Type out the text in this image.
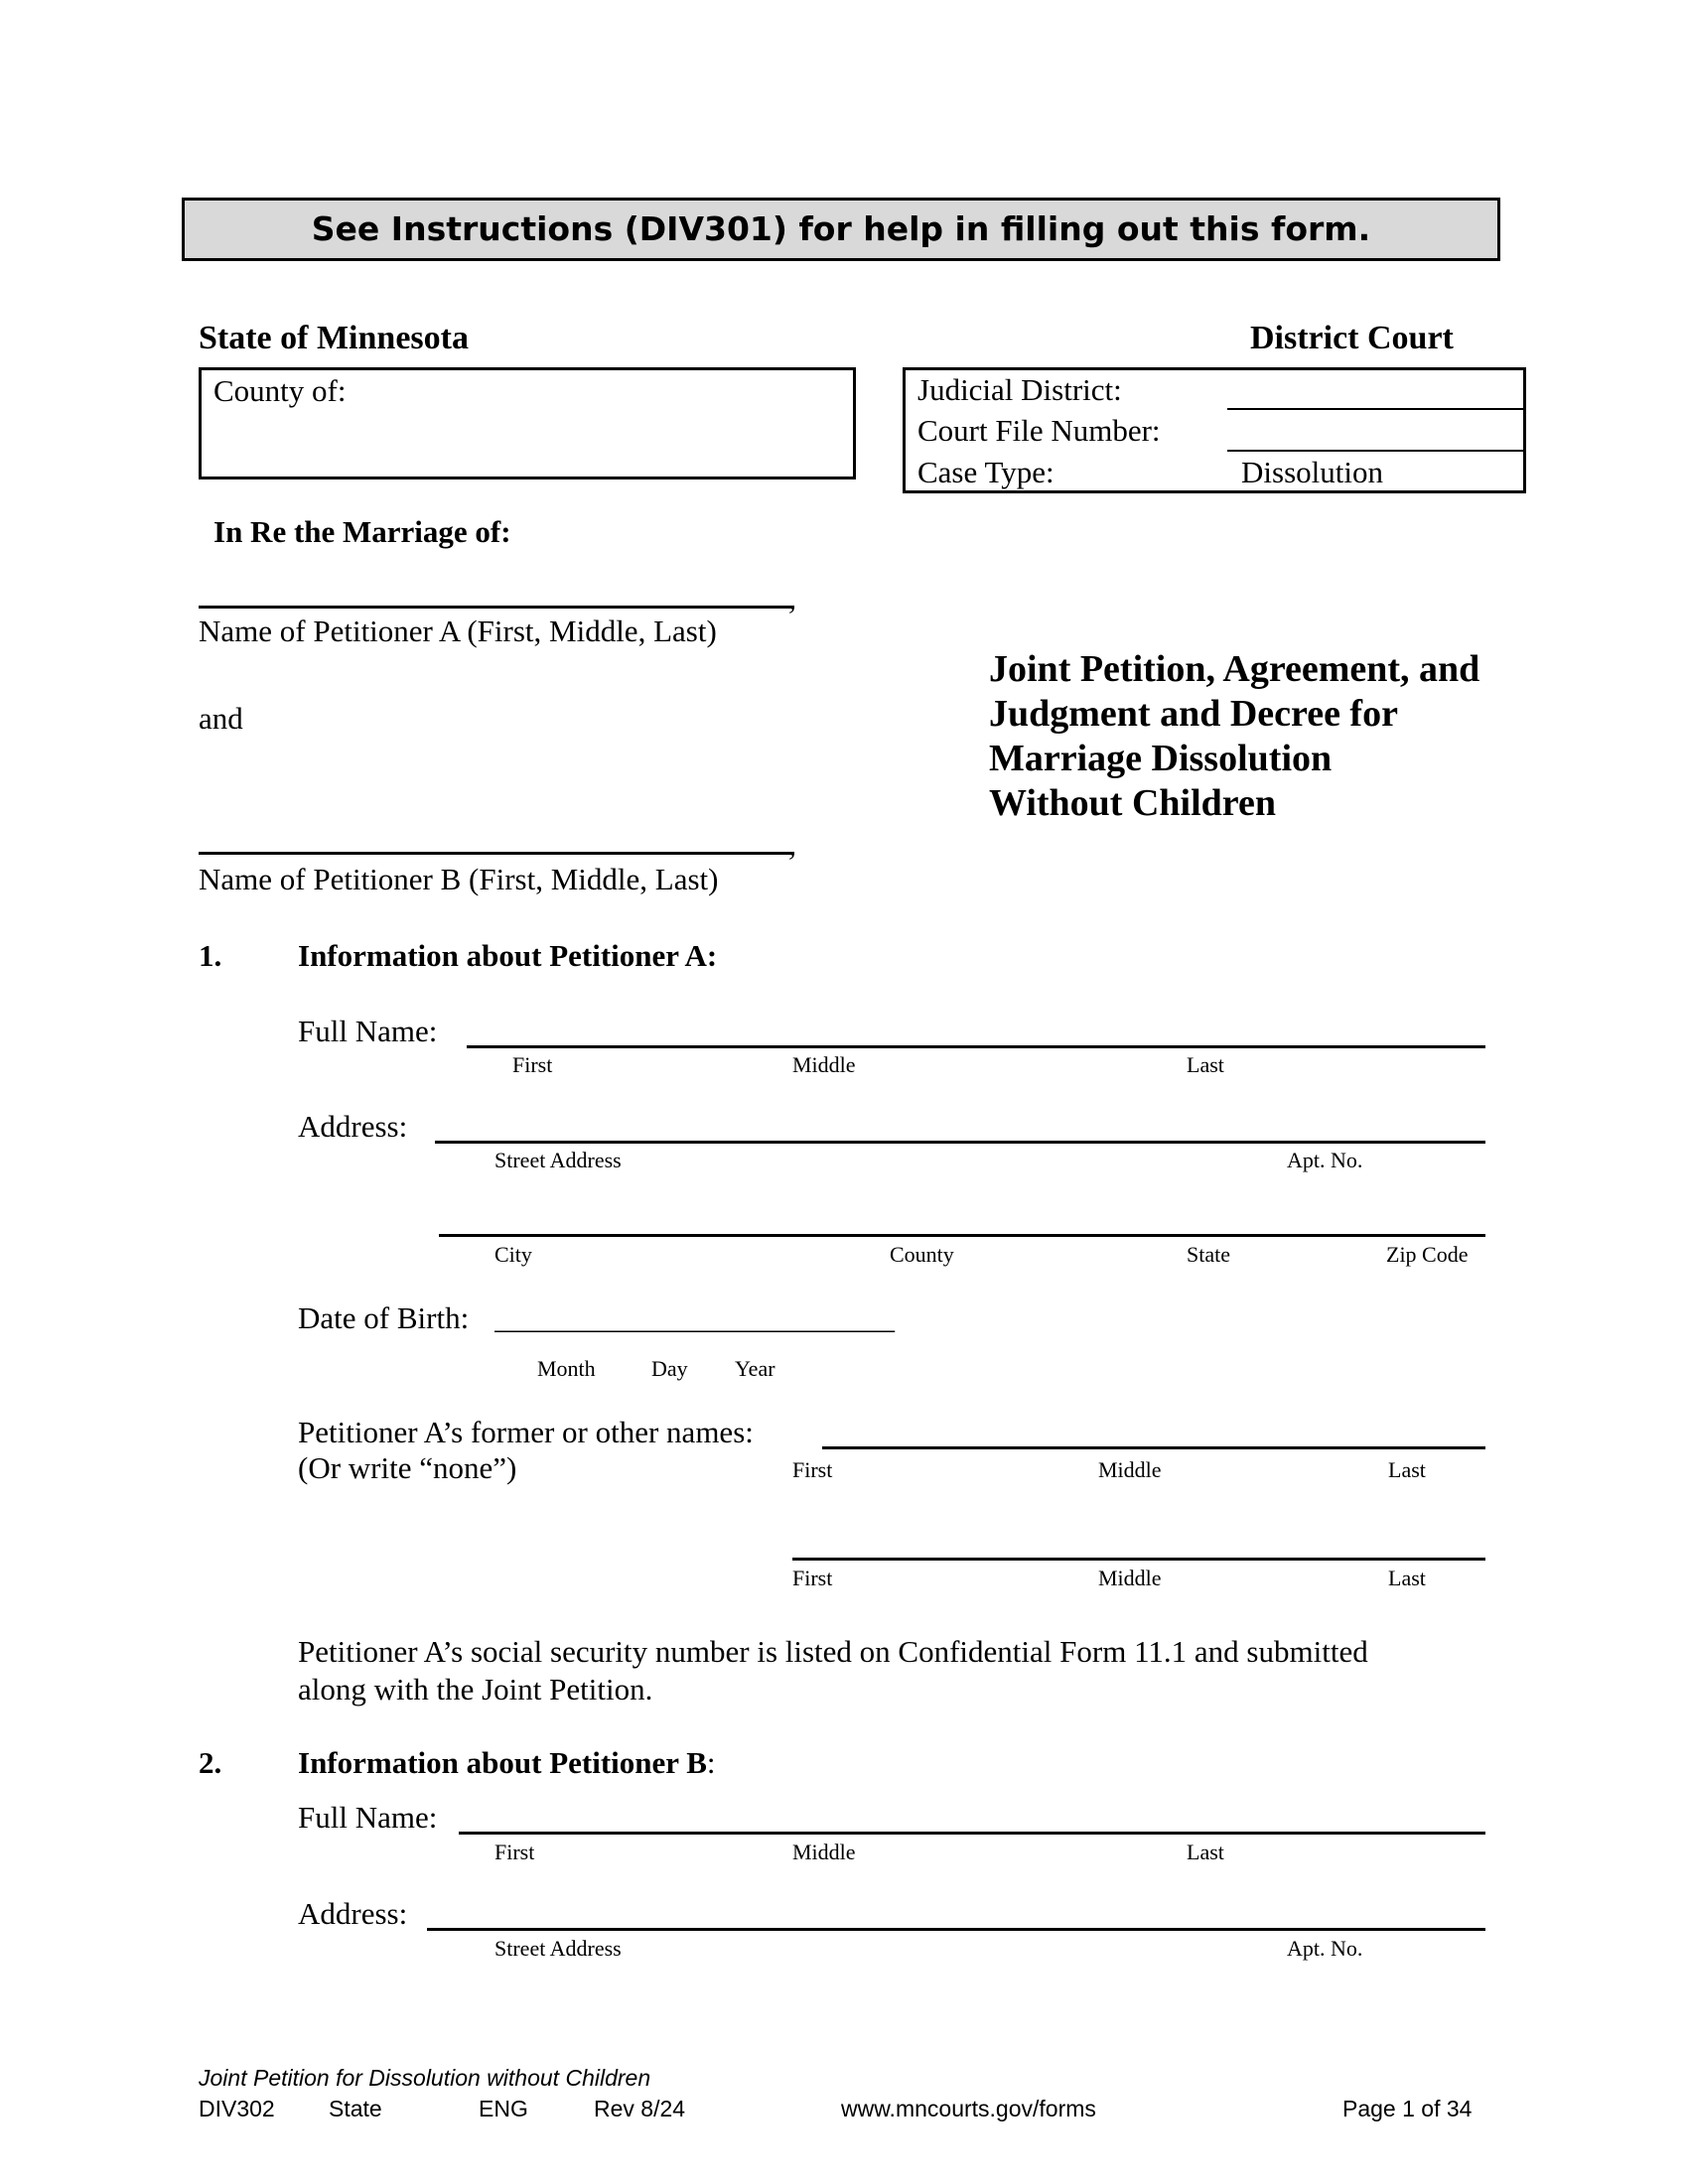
See Instructions (DIV301) for help in filling out this form.
State of Minnesota	District Court
County of:	Judicial District:
Court File Number:
Case Type:	Dissolution
In Re the Marriage of:
,
Name of Petitioner A (First, Middle, Last)
and
,
Name of Petitioner B (First, Middle, Last)
Joint Petition, Agreement, and
Judgment and Decree for
Marriage Dissolution
Without Children
1. Information about Petitioner A:
Full Name:
First	Middle	Last
Address:
Street Address	Apt. No.
City	County	State	Zip Code
Date of Birth: __________________________
Month	Day Year
Petitioner A’s former or other names:
(Or write “none”)	First	Middle	Last
First	Middle	Last
Petitioner A’s social security number is listed on Confidential Form 11.1 and submitted
along with the Joint Petition.
2. Information about Petitioner B:
Full Name:
First	Middle	Last
Address:
Street Address	Apt. No.
Joint Petition for Dissolution without Children
DIV302 State	ENG	Rev 8/24	www.mncourts.gov/forms	Page 1 of 34
